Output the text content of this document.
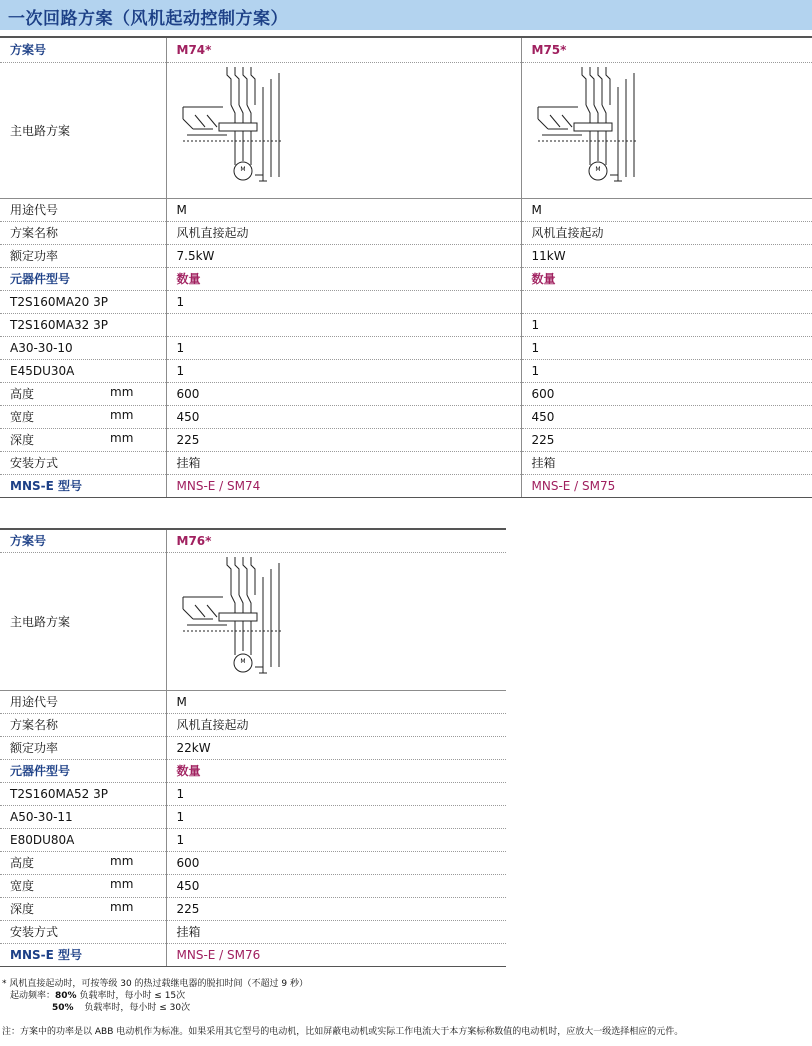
一次回路方案（风机起动控制方案）
方案号	M74*	M75*
主电路方案	M	M

用途代号	M	M
方案名称	风机直接起动	风机直接起动
额定功率	7.5kW	11kW
元器件型号	数量	数量
T2S160MA20 3P	1	
T2S160MA32 3P		1
A30-30-10	1	1
E45DU30A	1	1

高度 mm	600	600

宽度 mm	450	450

深度 mm	225	225
安装方式	挂箱	挂箱
MNS-E 型号	MNS-E / SM74	MNS-E / SM75
方案号	M76*
主电路方案	M

用途代号	M
方案名称	风机直接起动
额定功率	22kW
元器件型号	数量
T2S160MA52 3P	1
A50-30-11	1
E80DU80A	1

高度 mm	600

宽度 mm	450

深度 mm	225
安装方式	挂箱
MNS-E 型号	MNS-E / SM76
* 风机直接起动时，可按等级 30 的热过载继电器的脱扣时间（不超过 9 秒）
起动频率：80% 负载率时，每小时 ≤ 15次
50% 负载率时，每小时 ≤ 30次
注：方案中的功率是以 ABB 电动机作为标准。如果采用其它型号的电动机，比如屏蔽电动机或实际工作电流大于本方案标称数值的电动机时，应放大一级选择相应的元件。
